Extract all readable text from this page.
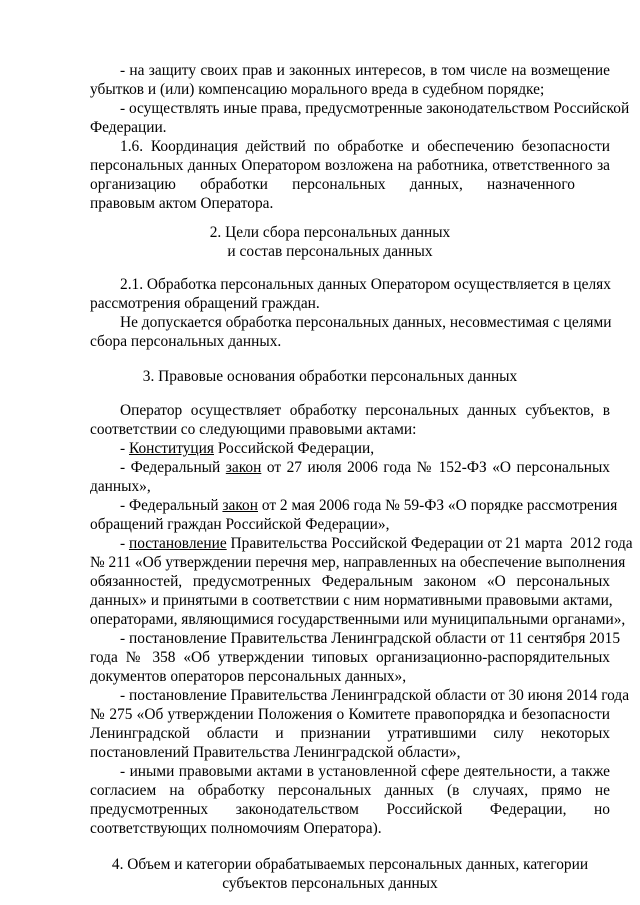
- на защиту своих прав и законных интересов, в том числе на возмещение
убытков и (или) компенсацию морального вреда в судебном порядке;
- осуществлять иные права, предусмотренные законодательством Российской
Федерации.
1.6. Координация действий по обработке и обеспечению безопасности
персональных данных Оператором возложена на работника, ответственного за
организацию обработки персональных данных, назначенного
правовым актом Оператора.
2. Цели сбора персональных данных
и состав персональных данных
2.1. Обработка персональных данных Оператором осуществляется в целях
рассмотрения обращений граждан.
Не допускается обработка персональных данных, несовместимая с целями
сбора персональных данных.
3. Правовые основания обработки персональных данных
Оператор осуществляет обработку персональных данных субъектов, в
соответствии со следующими правовыми актами:
- Конституция Российской Федерации,
- Федеральный закон от 27 июля 2006 года № 152-ФЗ «О персональных
данных»,
- Федеральный закон от 2 мая 2006 года № 59-ФЗ «О порядке рассмотрения
обращений граждан Российской Федерации»,
- постановление Правительства Российской Федерации от 21 марта  2012 года
№ 211 «Об утверждении перечня мер, направленных на обеспечение выполнения
обязанностей, предусмотренных Федеральным законом «О персональных
данных» и принятыми в соответствии с ним нормативными правовыми актами,
операторами, являющимися государственными или муниципальными органами»,
- постановление Правительства Ленинградской области от 11 сентября 2015
года № 358 «Об утверждении типовых организационно-распорядительных
документов операторов персональных данных»,
- постановление Правительства Ленинградской области от 30 июня 2014 года
№ 275 «Об утверждении Положения о Комитете правопорядка и безопасности
Ленинградской области и признании утратившими силу некоторых
постановлений Правительства Ленинградской области»,
- иными правовыми актами в установленной сфере деятельности, а также
согласием на обработку персональных данных (в случаях, прямо не
предусмотренных законодательством Российской Федерации, но
соответствующих полномочиям Оператора).
4. Объем и категории обрабатываемых персональных данных, категории
субъектов персональных данных
